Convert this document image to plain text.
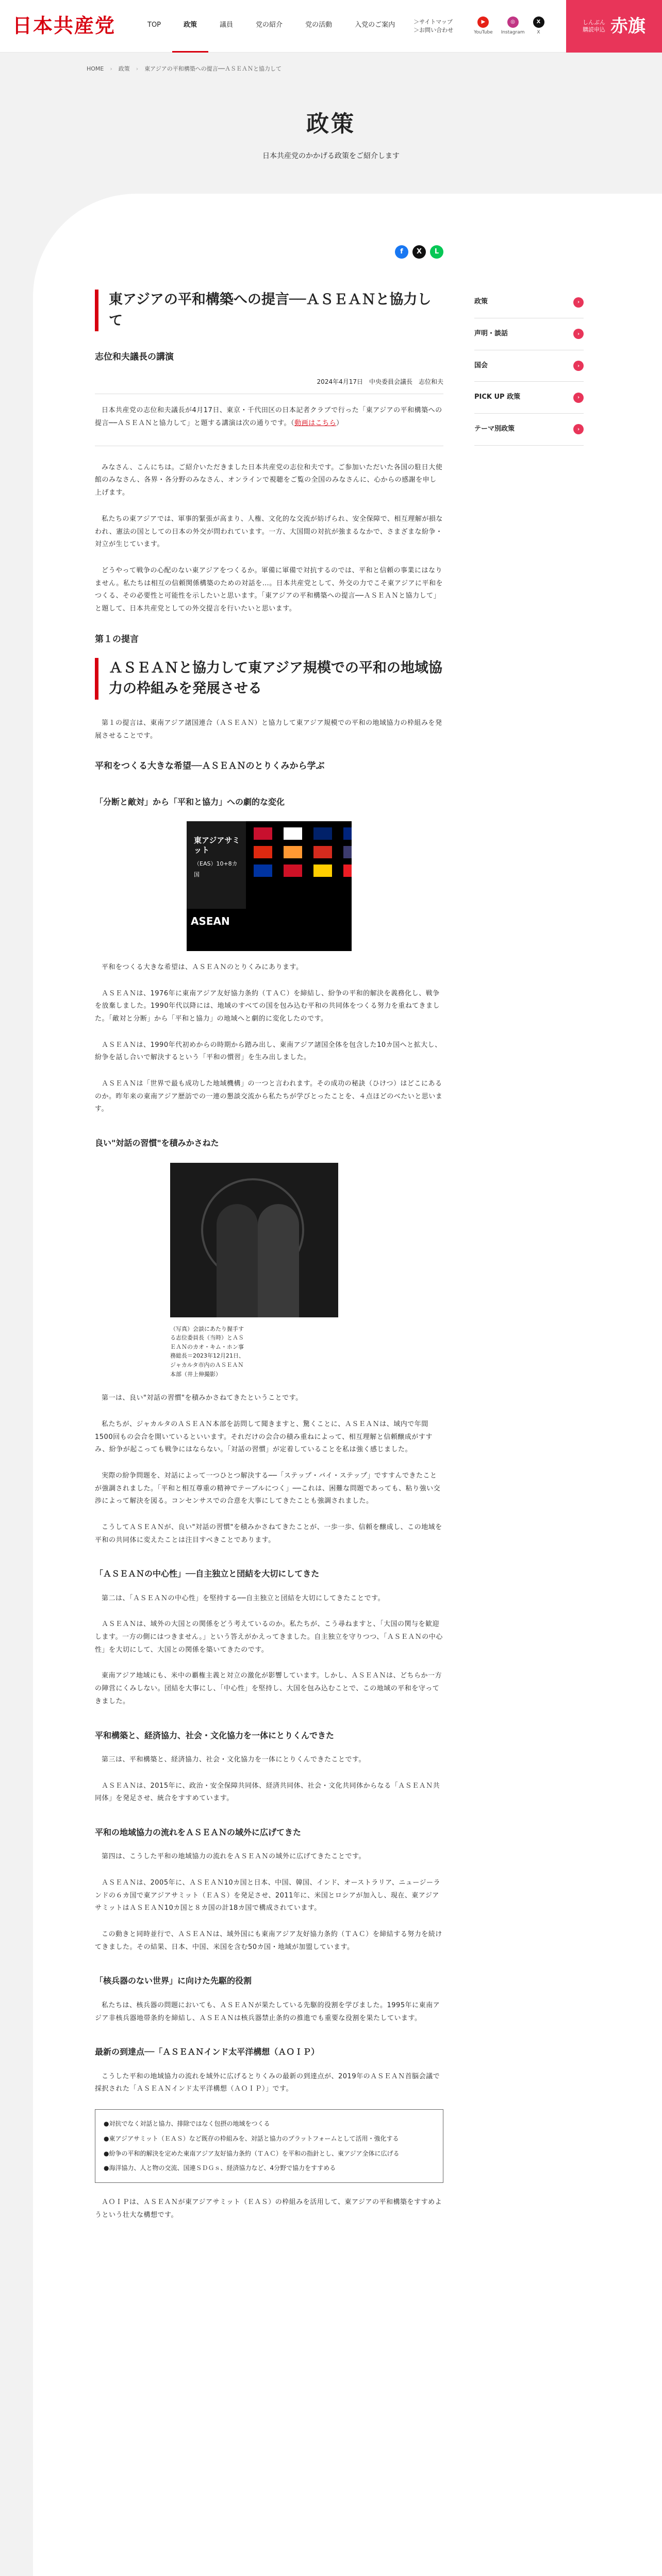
日本共産党	TOP	政策	議員	党の紹介	党の活動	入党のご案内	＞サイトマップ
＞お問い合わせ
▶
YouTube
◎
Instagram
X
X
しんぶん
購読申込 赤旗
HOME › 政策 › 東アジアの平和構築への提言──ＡＳＥＡＮと協力して
政策

日本共産党のかかげる政策をご紹介します

f	X	L
東アジアの平和構築への提言──ＡＳＥＡＮと協力して
志位和夫議長の講演
2024年4月17日　中央委員会議長　志位和夫

日本共産党の志位和夫議長が4月17日、東京・千代田区の日本記者クラブで行った「東アジアの平和構築への提言──ＡＳＥＡＮと協力して」と題する講演は次の通りです。（動画はこちら）

みなさん、こんにちは。ご紹介いただきました日本共産党の志位和夫です。ご参加いただいた各国の駐日大使館のみなさん、各界・各分野のみなさん、オンラインで視聴をご覧の全国のみなさんに、心からの感謝を申し上げます。

私たちの東アジアでは、軍事的緊張が高まり、人権、文化的な交流が妨げられ、安全保障で、相互理解が損なわれ、憲法の国としての日本の外交が問われています。一方、大国間の対抗が強まるなかで、さまざまな紛争・対立が生じています。

どうやって戦争の心配のない東アジアをつくるか。軍備に軍備で対抗するのでは、平和と信頼の事業にはなりません。私たちは相互の信頼関係構築のための対話を…。日本共産党として、外交の力でこそ東アジアに平和をつくる、その必要性と可能性を示したいと思います。「東アジアの平和構築への提言──ＡＳＥＡＮと協力して」と題して、日本共産党としての外交提言を行いたいと思います。

第１の提言
ＡＳＥＡＮと協力して東アジア規模での平和の地域協力の枠組みを発展させる

第１の提言は、東南アジア諸国連合（ＡＳＥＡＮ）と協力して東アジア規模での平和の地域協力の枠組みを発展させることです。

平和をつくる大きな希望──ＡＳＥＡＮのとりくみから学ぶ
「分断と敵対」から「平和と協力」への劇的な変化
東アジアサミット
（EAS）10+8カ国
ASEAN

平和をつくる大きな希望は、ＡＳＥＡＮのとりくみにあります。

ＡＳＥＡＮは、1976年に東南アジア友好協力条約（ＴＡＣ）を締結し、紛争の平和的解決を義務化し、戦争を放棄しました。1990年代以降には、地域のすべての国を包み込む平和の共同体をつくる努力を重ねてきました。「敵対と分断」から「平和と協力」の地域へと劇的に変化したのです。

ＡＳＥＡＮは、1990年代初めからの時期から踏み出し、東南アジア諸国全体を包含した10カ国へと拡大し、紛争を話し合いで解決するという「平和の慣習」を生み出しました。

ＡＳＥＡＮは「世界で最も成功した地域機構」の一つと言われます。その成功の秘訣（ひけつ）はどこにあるのか。昨年来の東南アジア歴訪での一連の懇談交流から私たちが学びとったことを、４点ほどのべたいと思います。

良い"対話の習慣"を積みかさねた

（写真）会談にあたり握手する志位委員長（当時）とＡＳＥＡＮのカオ・キム・ホン事務総長＝2023年12月21日、ジャカルタ市内のＡＳＥＡＮ本部（井上伸撮影）

第一は、良い"対話の習慣"を積みかさねてきたということです。

私たちが、ジャカルタのＡＳＥＡＮ本部を訪問して聞きますと、驚くことに、ＡＳＥＡＮは、域内で年間1500回もの会合を開いているといいます。それだけの会合の積み重ねによって、相互理解と信頼醸成がすすみ、紛争が起こっても戦争にはならない。「対話の習慣」が定着していることを私は強く感じました。

実際の紛争問題を、対話によって一つひとつ解決する──「ステップ・バイ・ステップ」ですすんできたことが強調されました。「平和と相互尊重の精神でテーブルにつく」──これは、困難な問題であっても、粘り強い交渉によって解決を図る。コンセンサスでの合意を大事にしてきたことも強調されました。

こうしてＡＳＥＡＮが、良い"対話の習慣"を積みかさねてきたことが、一歩一歩、信頼を醸成し、この地域を平和の共同体に変えたことは注目すべきことであります。

「ＡＳＥＡＮの中心性」──自主独立と団結を大切にしてきた

第二は、「ＡＳＥＡＮの中心性」を堅持する──自主独立と団結を大切にしてきたことです。

ＡＳＥＡＮは、域外の大国との関係をどう考えているのか。私たちが、こう尋ねますと、「大国の関与を歓迎します。一方の側にはつきません。」という答えがかえってきました。自主独立を守りつつ、「ＡＳＥＡＮの中心性」を大切にして、大国との関係を築いてきたのです。

東南アジア地域にも、米中の覇権主義と対立の激化が影響しています。しかし、ＡＳＥＡＮは、どちらか一方の陣営にくみしない。団結を大事にし、「中心性」を堅持し、大国を包み込むことで、この地域の平和を守ってきました。

平和構築と、経済協力、社会・文化協力を一体にとりくんできた

第三は、平和構築と、経済協力、社会・文化協力を一体にとりくんできたことです。

ＡＳＥＡＮは、2015年に、政治・安全保障共同体、経済共同体、社会・文化共同体からなる「ＡＳＥＡＮ共同体」を発足させ、統合をすすめています。

平和の地域協力の流れをＡＳＥＡＮの域外に広げてきた

第四は、こうした平和の地域協力の流れをＡＳＥＡＮの域外に広げてきたことです。

ＡＳＥＡＮは、2005年に、ＡＳＥＡＮ10カ国と日本、中国、韓国、インド、オーストラリア、ニュージーランドの６カ国で東アジアサミット（ＥＡＳ）を発足させ、2011年に、米国とロシアが加入し、現在、東アジアサミットはＡＳＥＡＮ10カ国と８カ国の計18カ国で構成されています。

この動きと同時並行で、ＡＳＥＡＮは、域外国にも東南アジア友好協力条約（ＴＡＣ）を締結する努力を続けてきました。その結果、日本、中国、米国を含む50カ国・地域が加盟しています。

「核兵器のない世界」に向けた先駆的役割

私たちは、核兵器の問題においても、ＡＳＥＡＮが果たしている先駆的役割を学びました。1995年に東南アジア非核兵器地帯条約を締結し、ＡＳＥＡＮは核兵器禁止条約の推進でも重要な役割を果たしています。

最新の到達点──「ＡＳＥＡＮインド太平洋構想（ＡＯＩＰ）

こうした平和の地域協力の流れを域外に広げるとりくみの最新の到達点が、2019年のＡＳＥＡＮ首脳会議で採択された「ＡＳＥＡＮインド太平洋構想（ＡＯＩＰ）」です。

●対抗でなく対話と協力、排除ではなく包摂の地域をつくる
●東アジアサミット（ＥＡＳ）など既存の枠組みを、対話と協力のプラットフォームとして活用・強化する
●紛争の平和的解決を定めた東南アジア友好協力条約（ＴＡＣ）を平和の指針とし、東アジア全体に広げる
●海洋協力、人と物の交流、国連ＳＤＧｓ、経済協力など、4分野で協力をすすめる

ＡＯＩＰは、ＡＳＥＡＮが東アジアサミット（ＥＡＳ）の枠組みを活用して、東アジアの平和構築をすすめようという壮大な構想です。

政策	›
声明・談話	›
国会	›
PICK UP 政策	›
テーマ別政策	›
